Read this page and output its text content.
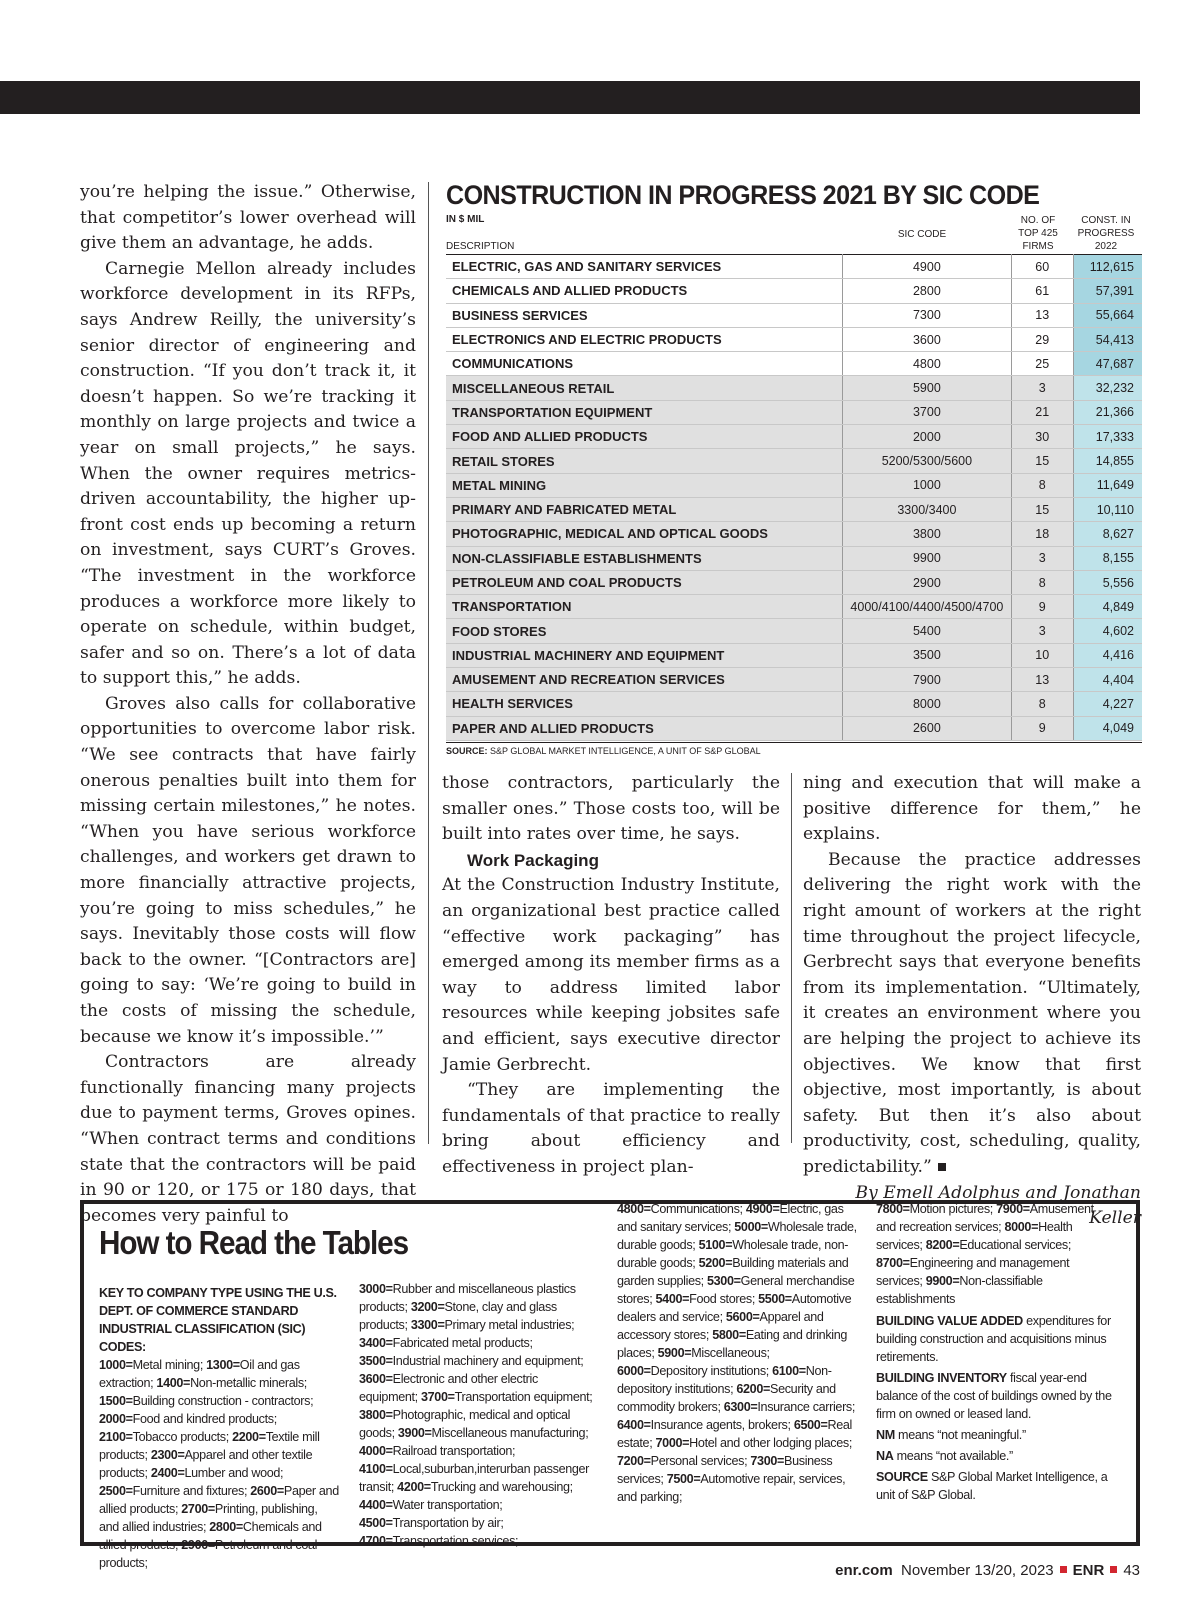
you’re helping the issue.” Otherwise, that competitor’s lower overhead will give them an advantage, he adds.

Carnegie Mellon already includes workforce development in its RFPs, says Andrew Reilly, the university’s senior director of engineering and construction. “If you don’t track it, it doesn’t happen. So we’re tracking it monthly on large projects and twice a year on small projects,” he says. When the owner requires metrics-driven accountability, the higher up-front cost ends up becoming a return on investment, says CURT’s Groves. “The investment in the workforce produces a workforce more likely to operate on schedule, within budget, safer and so on. There’s a lot of data to support this,” he adds.

Groves also calls for collaborative opportunities to overcome labor risk. “We see contracts that have fairly onerous penalties built into them for missing certain milestones,” he notes. “When you have serious workforce challenges, and workers get drawn to more financially attractive projects, you’re going to miss schedules,” he says. Inevitably those costs will flow back to the owner. “[Contractors are] going to say: ‘We’re going to build in the costs of missing the schedule, because we know it’s impossible.’”

Contractors are already functionally financing many projects due to payment terms, Groves opines. “When contract terms and conditions state that the contractors will be paid in 90 or 120, or 175 or 180 days, that becomes very painful to

CONSTRUCTION IN PROGRESS 2021 BY SIC CODE
IN $ MIL
DESCRIPTION
SIC CODE
NO. OF TOP 425 FIRMS
CONST. IN PROGRESS 2022
ELECTRIC, GAS AND SANITARY SERVICES	4900	60	112,615
CHEMICALS AND ALLIED PRODUCTS	2800	61	57,391
BUSINESS SERVICES	7300	13	55,664
ELECTRONICS AND ELECTRIC PRODUCTS	3600	29	54,413
COMMUNICATIONS	4800	25	47,687
MISCELLANEOUS RETAIL	5900	3	32,232
TRANSPORTATION EQUIPMENT	3700	21	21,366
FOOD AND ALLIED PRODUCTS	2000	30	17,333
RETAIL STORES	5200/5300/5600	15	14,855
METAL MINING	1000	8	11,649
PRIMARY AND FABRICATED METAL	3300/3400	15	10,110
PHOTOGRAPHIC, MEDICAL AND OPTICAL GOODS	3800	18	8,627
NON-CLASSIFIABLE ESTABLISHMENTS	9900	3	8,155
PETROLEUM AND COAL PRODUCTS	2900	8	5,556
TRANSPORTATION	4000/4100/4400/4500/4700	9	4,849
FOOD STORES	5400	3	4,602
INDUSTRIAL MACHINERY AND EQUIPMENT	3500	10	4,416
AMUSEMENT AND RECREATION SERVICES	7900	13	4,404
HEALTH SERVICES	8000	8	4,227
PAPER AND ALLIED PRODUCTS	2600	9	4,049
SOURCE: S&P GLOBAL MARKET INTELLIGENCE, A UNIT OF S&P GLOBAL

those contractors, particularly the smaller ones.” Those costs too, will be built into rates over time, he says.

Work Packaging

At the Construction Industry Institute, an organizational best practice called “effective work packaging” has emerged among its member firms as a way to address limited labor resources while keeping jobsites safe and efficient, says executive director Jamie Gerbrecht.

“They are implementing the fundamentals of that practice to really bring about efficiency and effectiveness in project plan-

ning and execution that will make a positive difference for them,” he explains.

Because the practice addresses delivering the right work with the right amount of workers at the right time throughout the project lifecycle, Gerbrecht says that everyone benefits from its implementation. “Ultimately, it creates an environment where you are helping the project to achieve its objectives. We know that first objective, most importantly, is about safety. But then it’s also about productivity, cost, scheduling, quality, predictability.”

By Emell Adolphus and Jonathan Keller

How to Read the Tables
KEY TO COMPANY TYPE USING THE U.S. DEPT. OF COMMERCE STANDARD INDUSTRIAL CLASSIFICATION (SIC) CODES:
1000=Metal mining; 1300=Oil and gas extraction; 1400=Non-metallic minerals; 1500=Building construction - contractors; 2000=Food and kindred products; 2100=Tobacco products; 2200=Textile mill products; 2300=Apparel and other textile products; 2400=Lumber and wood; 2500=Furniture and fixtures; 2600=Paper and allied products; 2700=Printing, publishing, and allied industries; 2800=Chemicals and allied products; 2900=Petroleum and coal products;
3000=Rubber and miscellaneous plastics products; 3200=Stone, clay and glass products; 3300=Primary metal industries; 3400=Fabricated metal products; 3500=Industrial machinery and equipment; 3600=Electronic and other electric equipment; 3700=Transportation equipment; 3800=Photographic, medical and optical goods; 3900=Miscellaneous manufacturing; 4000=Railroad transportation; 4100=Local,suburban,interurban passenger transit; 4200=Trucking and warehousing; 4400=Water transportation; 4500=Transportation by air; 4700=Transportation services;
4800=Communications; 4900=Electric, gas and sanitary services; 5000=Wholesale trade, durable goods; 5100=Wholesale trade, non-durable goods; 5200=Building materials and garden supplies; 5300=General merchandise stores; 5400=Food stores; 5500=Automotive dealers and service; 5600=Apparel and accessory stores; 5800=Eating and drinking places; 5900=Miscellaneous; 6000=Depository institutions; 6100=Non-depository institutions; 6200=Security and commodity brokers; 6300=Insurance carriers; 6400=Insurance agents, brokers; 6500=Real estate; 7000=Hotel and other lodging places; 7200=Personal services; 7300=Business services; 7500=Automotive repair, services, and parking;
7800=Motion pictures; 7900=Amusement and recreation services; 8000=Health services; 8200=Educational services; 8700=Engineering and management services; 9900=Non-classifiable establishments

BUILDING VALUE ADDED expenditures for building construction and acquisitions minus retirements.

BUILDING INVENTORY fiscal year-end balance of the cost of buildings owned by the firm on owned or leased land.

NM means “not meaningful.”

NA means “not available.”

SOURCE S&P Global Market Intelligence, a unit of S&P Global.

enr.com November 13/20, 2023 ENR 43
